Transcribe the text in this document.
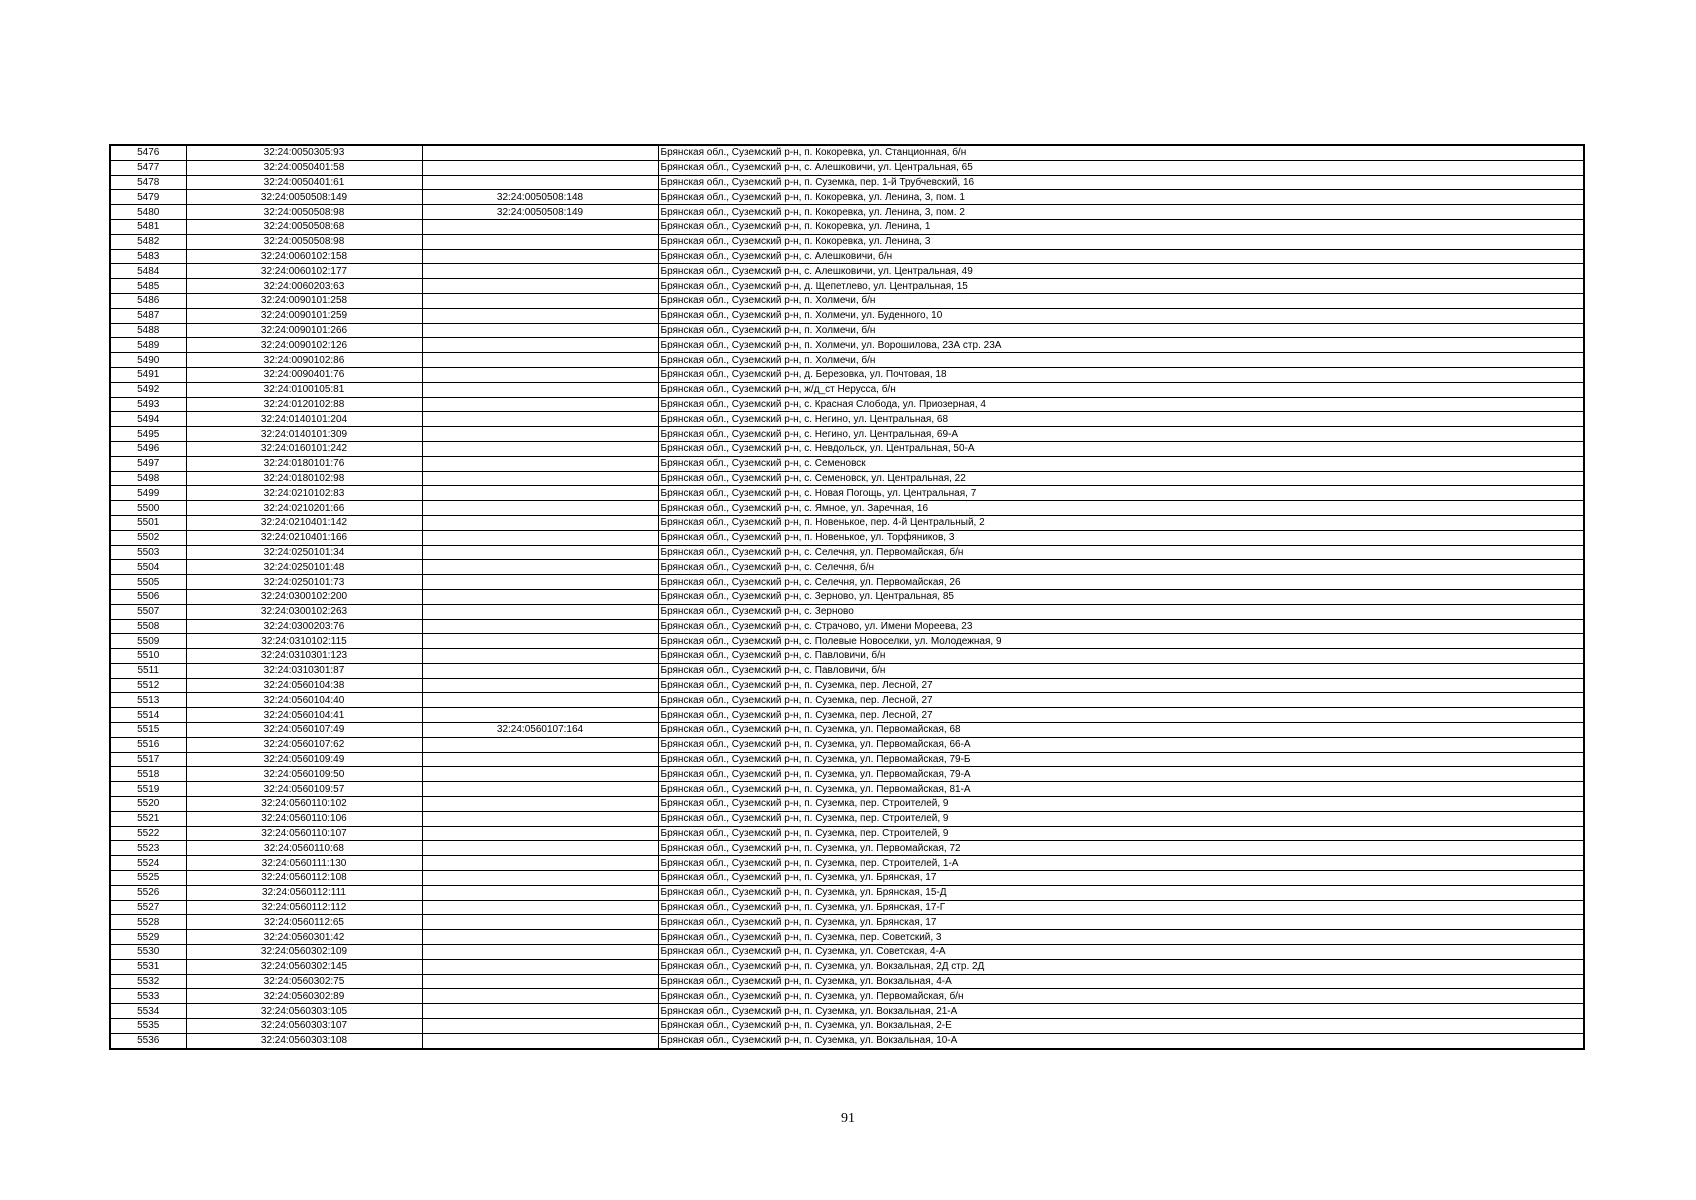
5476	32:24:0050305:93		Брянская обл., Суземский р-н, п. Кокоревка, ул. Станционная, б/н
5477	32:24:0050401:58		Брянская обл., Суземский р-н, с. Алешковичи, ул. Центральная, 65
5478	32:24:0050401:61		Брянская обл., Суземский р-н, п. Суземка, пер. 1-й Трубчевский, 16
5479	32:24:0050508:149	32:24:0050508:148	Брянская обл., Суземский р-н, п. Кокоревка, ул. Ленина, 3, пом. 1
5480	32:24:0050508:98	32:24:0050508:149	Брянская обл., Суземский р-н, п. Кокоревка, ул. Ленина, 3, пом. 2
5481	32:24:0050508:68		Брянская обл., Суземский р-н, п. Кокоревка, ул. Ленина, 1
5482	32:24:0050508:98		Брянская обл., Суземский р-н, п. Кокоревка, ул. Ленина, 3
5483	32:24:0060102:158		Брянская обл., Суземский р-н, с. Алешковичи, б/н
5484	32:24:0060102:177		Брянская обл., Суземский р-н, с. Алешковичи, ул. Центральная, 49
5485	32:24:0060203:63		Брянская обл., Суземский р-н, д. Щепетлево, ул. Центральная, 15
5486	32:24:0090101:258		Брянская обл., Суземский р-н, п. Холмечи, б/н
5487	32:24:0090101:259		Брянская обл., Суземский р-н, п. Холмечи, ул. Буденного, 10
5488	32:24:0090101:266		Брянская обл., Суземский р-н, п. Холмечи, б/н
5489	32:24:0090102:126		Брянская обл., Суземский р-н, п. Холмечи, ул. Ворошилова, 23А стр. 23А
5490	32:24:0090102:86		Брянская обл., Суземский р-н, п. Холмечи, б/н
5491	32:24:0090401:76		Брянская обл., Суземский р-н, д. Березовка, ул. Почтовая, 18
5492	32:24:0100105:81		Брянская обл., Суземский р-н, ж/д_ст Нерусса, б/н
5493	32:24:0120102:88		Брянская обл., Суземский р-н, с. Красная Слобода, ул. Приозерная, 4
5494	32:24:0140101:204		Брянская обл., Суземский р-н, с. Негино, ул. Центральная, 68
5495	32:24:0140101:309		Брянская обл., Суземский р-н, с. Негино, ул. Центральная, 69-А
5496	32:24:0160101:242		Брянская обл., Суземский р-н, с. Невдольск, ул. Центральная, 50-А
5497	32:24:0180101:76		Брянская обл., Суземский р-н, с. Семеновск
5498	32:24:0180102:98		Брянская обл., Суземский р-н, с. Семеновск, ул. Центральная, 22
5499	32:24:0210102:83		Брянская обл., Суземский р-н, с. Новая Погощь, ул. Центральная, 7
5500	32:24:0210201:66		Брянская обл., Суземский р-н, с. Ямное, ул. Заречная, 16
5501	32:24:0210401:142		Брянская обл., Суземский р-н, п. Новенькое, пер. 4-й Центральный, 2
5502	32:24:0210401:166		Брянская обл., Суземский р-н, п. Новенькое, ул. Торфяников, 3
5503	32:24:0250101:34		Брянская обл., Суземский р-н, с. Селечня, ул. Первомайская, б/н
5504	32:24:0250101:48		Брянская обл., Суземский р-н, с. Селечня, б/н
5505	32:24:0250101:73		Брянская обл., Суземский р-н, с. Селечня, ул. Первомайская, 26
5506	32:24:0300102:200		Брянская обл., Суземский р-н, с. Зерново, ул. Центральная, 85
5507	32:24:0300102:263		Брянская обл., Суземский р-н, с. Зерново
5508	32:24:0300203:76		Брянская обл., Суземский р-н, с. Страчово, ул. Имени Мореева, 23
5509	32:24:0310102:115		Брянская обл., Суземский р-н, с. Полевые Новоселки, ул. Молодежная, 9
5510	32:24:0310301:123		Брянская обл., Суземский р-н, с. Павловичи, б/н
5511	32:24:0310301:87		Брянская обл., Суземский р-н, с. Павловичи, б/н
5512	32:24:0560104:38		Брянская обл., Суземский р-н, п. Суземка, пер. Лесной, 27
5513	32:24:0560104:40		Брянская обл., Суземский р-н, п. Суземка, пер. Лесной, 27
5514	32:24:0560104:41		Брянская обл., Суземский р-н, п. Суземка, пер. Лесной, 27
5515	32:24:0560107:49	32:24:0560107:164	Брянская обл., Суземский р-н, п. Суземка, ул. Первомайская, 68
5516	32:24:0560107:62		Брянская обл., Суземский р-н, п. Суземка, ул. Первомайская, 66-А
5517	32:24:0560109:49		Брянская обл., Суземский р-н, п. Суземка, ул. Первомайская, 79-Б
5518	32:24:0560109:50		Брянская обл., Суземский р-н, п. Суземка, ул. Первомайская, 79-А
5519	32:24:0560109:57		Брянская обл., Суземский р-н, п. Суземка, ул. Первомайская, 81-А
5520	32:24:0560110:102		Брянская обл., Суземский р-н, п. Суземка, пер. Строителей, 9
5521	32:24:0560110:106		Брянская обл., Суземский р-н, п. Суземка, пер. Строителей, 9
5522	32:24:0560110:107		Брянская обл., Суземский р-н, п. Суземка, пер. Строителей, 9
5523	32:24:0560110:68		Брянская обл., Суземский р-н, п. Суземка, ул. Первомайская, 72
5524	32:24:0560111:130		Брянская обл., Суземский р-н, п. Суземка, пер. Строителей, 1-А
5525	32:24:0560112:108		Брянская обл., Суземский р-н, п. Суземка, ул. Брянская, 17
5526	32:24:0560112:111		Брянская обл., Суземский р-н, п. Суземка, ул. Брянская, 15-Д
5527	32:24:0560112:112		Брянская обл., Суземский р-н, п. Суземка, ул. Брянская, 17-Г
5528	32:24:0560112:65		Брянская обл., Суземский р-н, п. Суземка, ул. Брянская, 17
5529	32:24:0560301:42		Брянская обл., Суземский р-н, п. Суземка, пер. Советский, 3
5530	32:24:0560302:109		Брянская обл., Суземский р-н, п. Суземка, ул. Советская, 4-А
5531	32:24:0560302:145		Брянская обл., Суземский р-н, п. Суземка, ул. Вокзальная, 2Д стр. 2Д
5532	32:24:0560302:75		Брянская обл., Суземский р-н, п. Суземка, ул. Вокзальная, 4-А
5533	32:24:0560302:89		Брянская обл., Суземский р-н, п. Суземка, ул. Первомайская, б/н
5534	32:24:0560303:105		Брянская обл., Суземский р-н, п. Суземка, ул. Вокзальная, 21-А
5535	32:24:0560303:107		Брянская обл., Суземский р-н, п. Суземка, ул. Вокзальная, 2-Е
5536	32:24:0560303:108		Брянская обл., Суземский р-н, п. Суземка, ул. Вокзальная, 10-А
91
